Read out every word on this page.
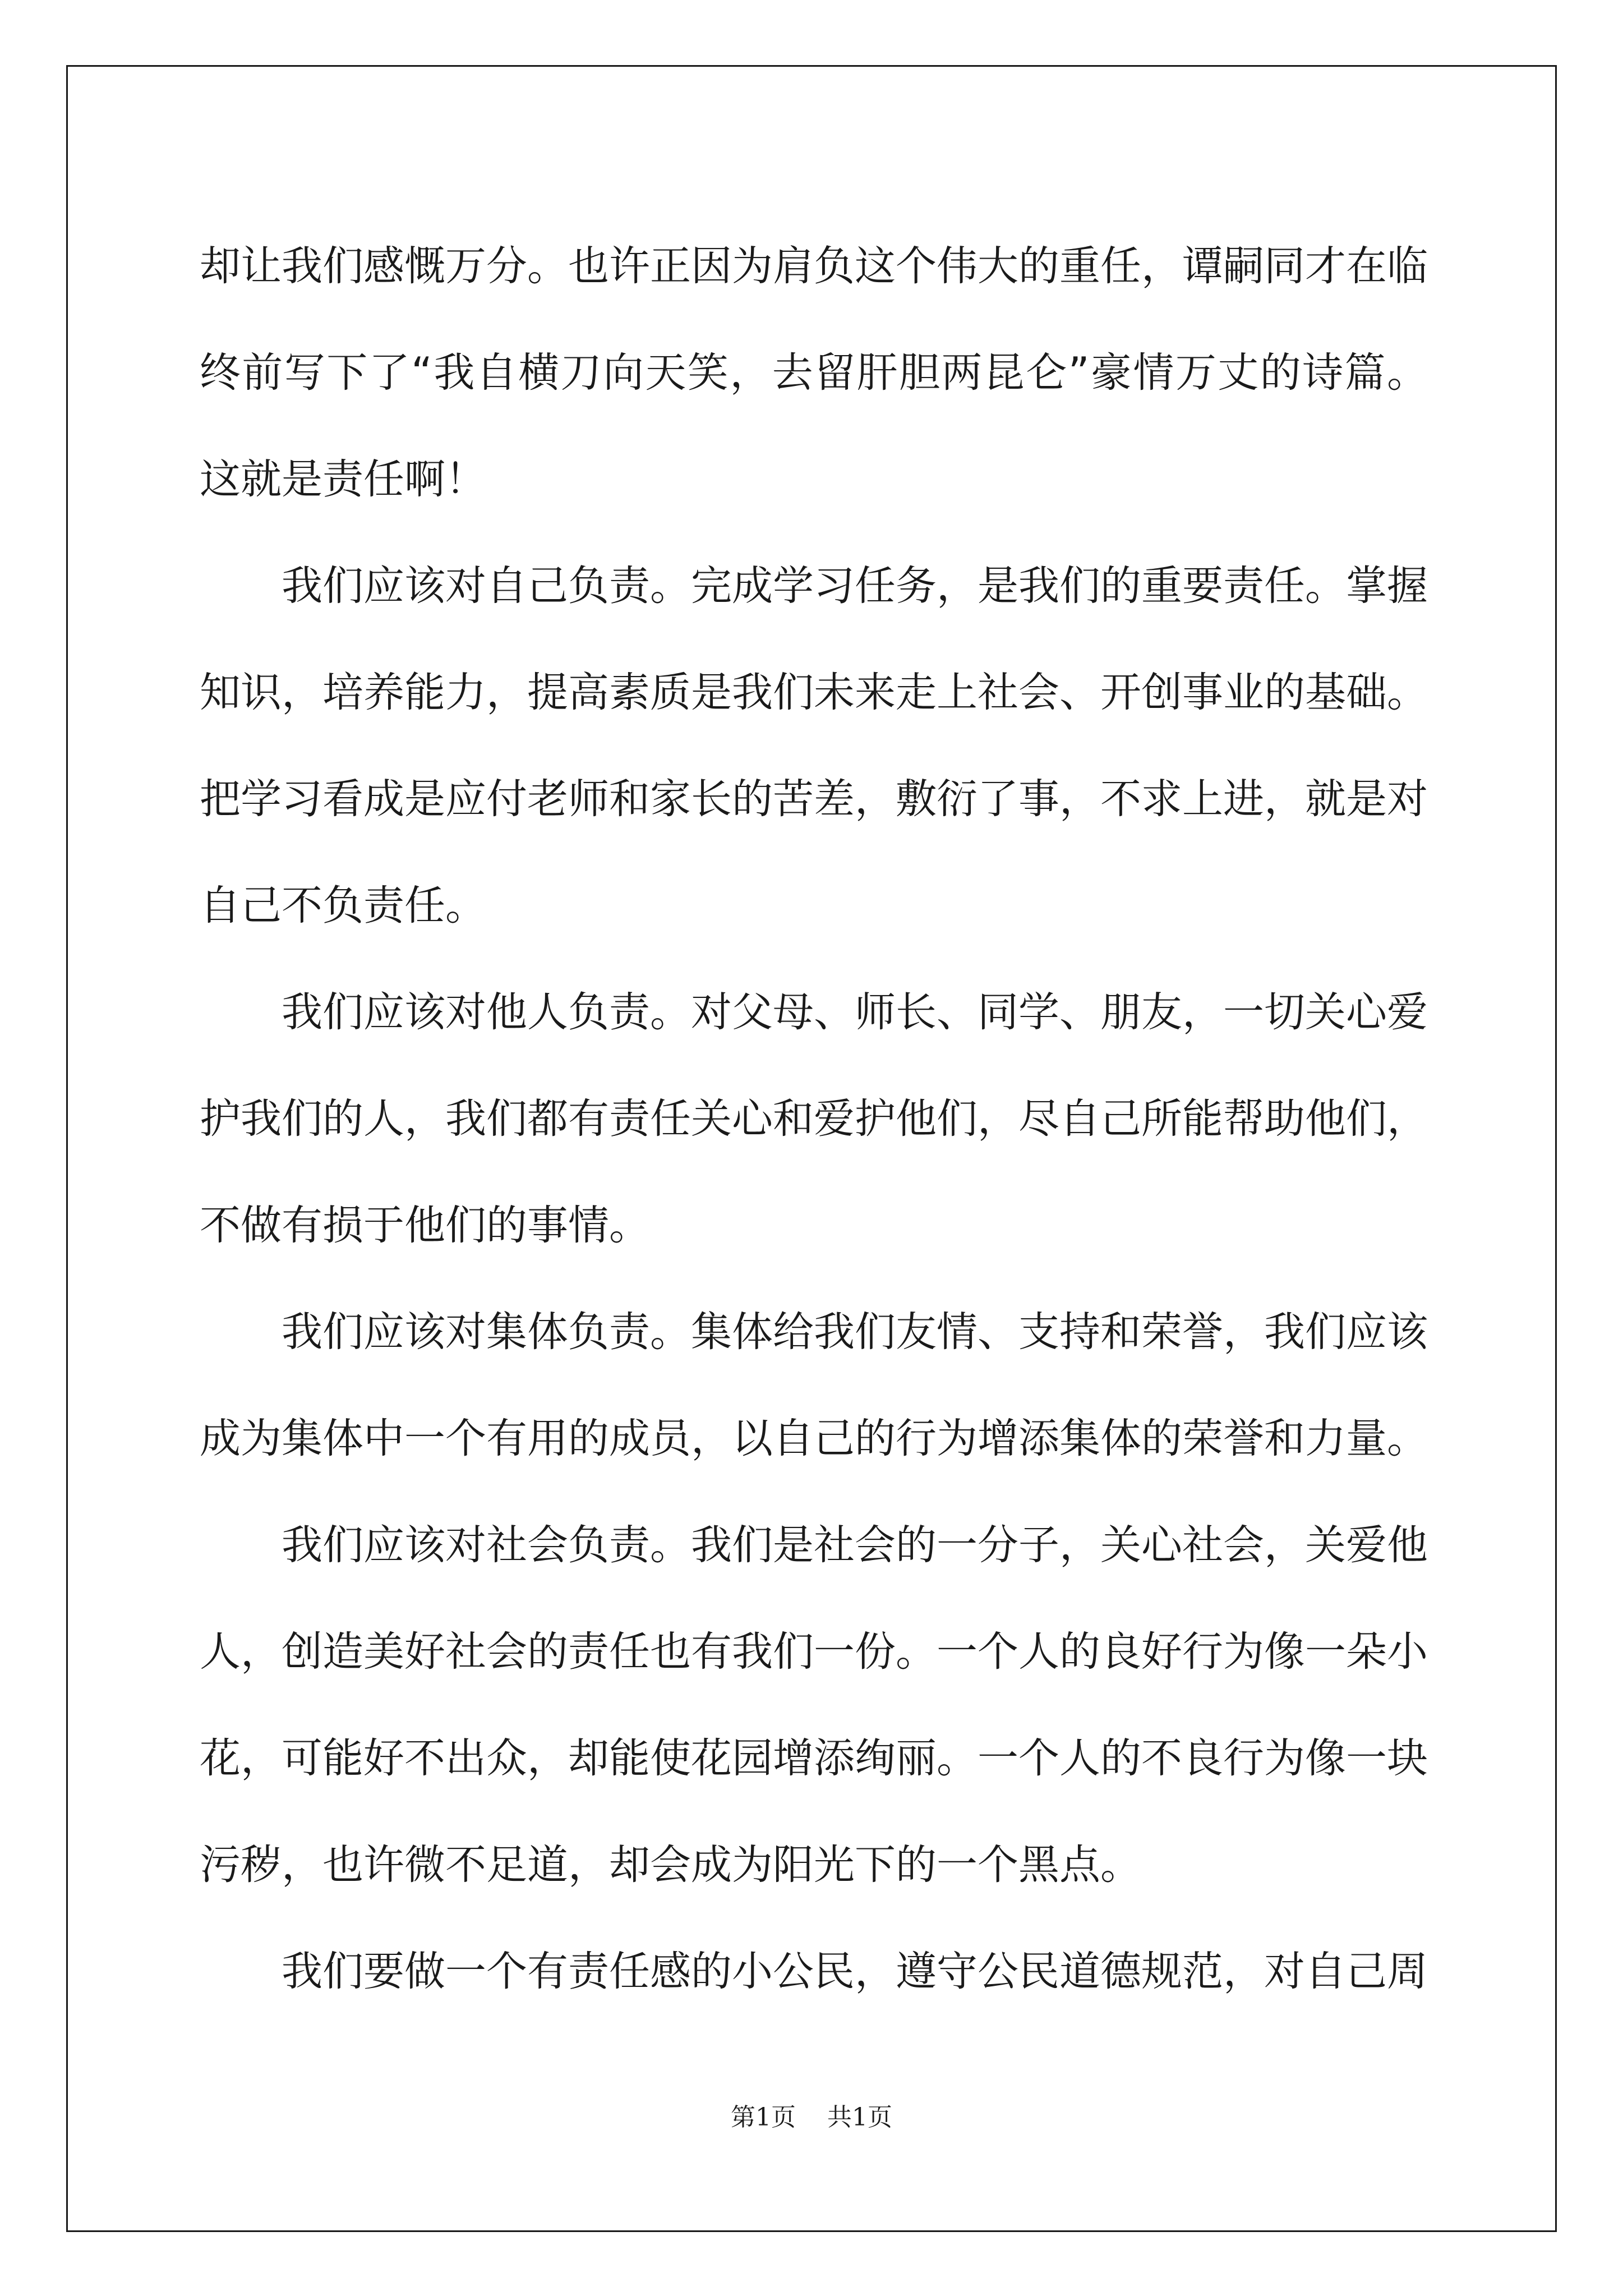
却让我们感慨万分。也许正因为肩负这个伟大的重任，谭嗣同才在临终前写下了“我自横刀向天笑，去留肝胆两昆仑”豪情万丈的诗篇。这就是责任啊！

我们应该对自己负责。完成学习任务，是我们的重要责任。掌握知识，培养能力，提高素质是我们未来走上社会、开创事业的基础。把学习看成是应付老师和家长的苦差，敷衍了事，不求上进，就是对自己不负责任。

我们应该对他人负责。对父母、师长、同学、朋友，一切关心爱护我们的人，我们都有责任关心和爱护他们，尽自己所能帮助他们，不做有损于他们的事情。

我们应该对集体负责。集体给我们友情、支持和荣誉，我们应该成为集体中一个有用的成员，以自己的行为增添集体的荣誉和力量。

我们应该对社会负责。我们是社会的一分子，关心社会，关爱他人，创造美好社会的责任也有我们一份。一个人的良好行为像一朵小花，可能好不出众，却能使花园增添绚丽。一个人的不良行为像一块污秽，也许微不足道，却会成为阳光下的一个黑点。

我们要做一个有责任感的小公民，遵守公民道德规范，对自己周

第1页 共1页
